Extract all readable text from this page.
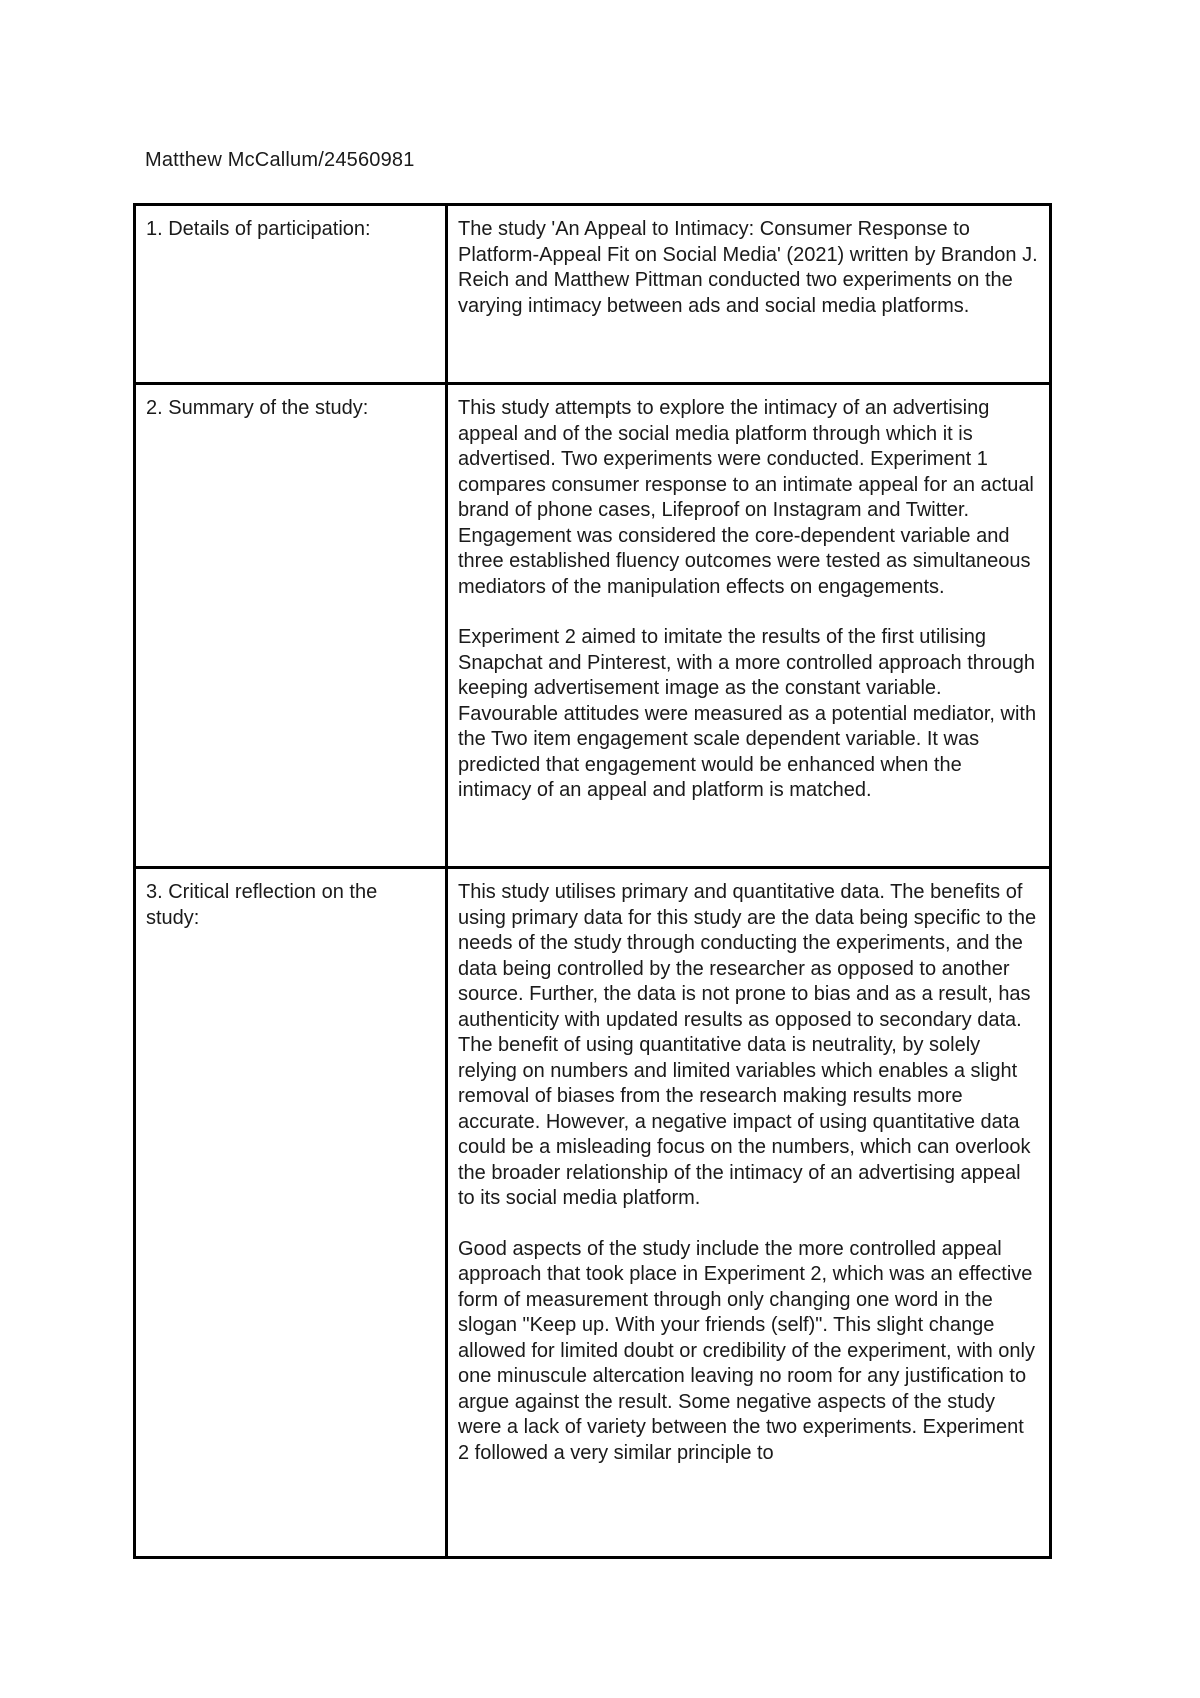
Matthew McCallum/24560981
1. Details of participation:	The study 'An Appeal to Intimacy: Consumer Response to Platform-Appeal Fit on Social Media' (2021) written by Brandon J. Reich and Matthew Pittman conducted two experiments on the varying intimacy between ads and social media platforms.

2. Summary of the study:	This study attempts to explore the intimacy of an advertising appeal and of the social media platform through which it is advertised. Two experiments were conducted. Experiment 1 compares consumer response to an intimate appeal for an actual brand of phone cases, Lifeproof on Instagram and Twitter. Engagement was considered the core-dependent variable and three established fluency outcomes were tested as simultaneous mediators of the manipulation effects on engagements.

Experiment 2 aimed to imitate the results of the first utilising Snapchat and Pinterest, with a more controlled approach through keeping advertisement image as the constant variable. Favourable attitudes were measured as a potential mediator, with the Two item engagement scale dependent variable. It was predicted that engagement would be enhanced when the intimacy of an appeal and platform is matched.

3. Critical reflection on the study:	This study utilises primary and quantitative data. The benefits of using primary data for this study are the data being specific to the needs of the study through conducting the experiments, and the data being controlled by the researcher as opposed to another source. Further, the data is not prone to bias and as a result, has authenticity with updated results as opposed to secondary data. The benefit of using quantitative data is neutrality, by solely relying on numbers and limited variables which enables a slight removal of biases from the research making results more accurate. However, a negative impact of using quantitative data could be a misleading focus on the numbers, which can overlook the broader relationship of the intimacy of an advertising appeal to its social media platform.

Good aspects of the study include the more controlled appeal approach that took place in Experiment 2, which was an effective form of measurement through only changing one word in the slogan "Keep up. With your friends (self)". This slight change allowed for limited doubt or credibility of the experiment, with only one minuscule altercation leaving no room for any justification to argue against the result. Some negative aspects of the study were a lack of variety between the two experiments. Experiment 2 followed a very similar principle to
